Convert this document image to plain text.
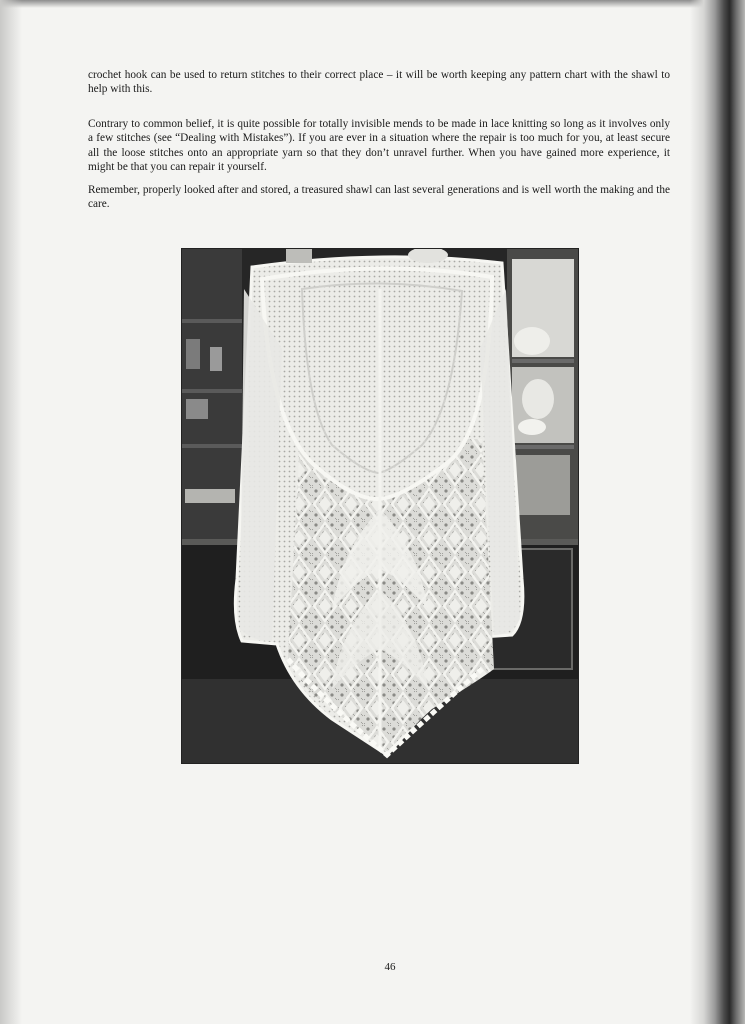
crochet hook can be used to return stitches to their correct place – it will be worth keeping any pattern chart with the shawl to help with this.

Contrary to common belief, it is quite possible for totally invisible mends to be made in lace knitting so long as it involves only a few stitches (see “Dealing with Mistakes”). If you are ever in a situation where the repair is too much for you, at least secure all the loose stitches onto an appropriate yarn so that they don’t unravel further. When you have gained more experience, it might be that you can repair it yourself.

Remember, properly looked after and stored, a treasured shawl can last several generations and is well worth the making and the care.

46
